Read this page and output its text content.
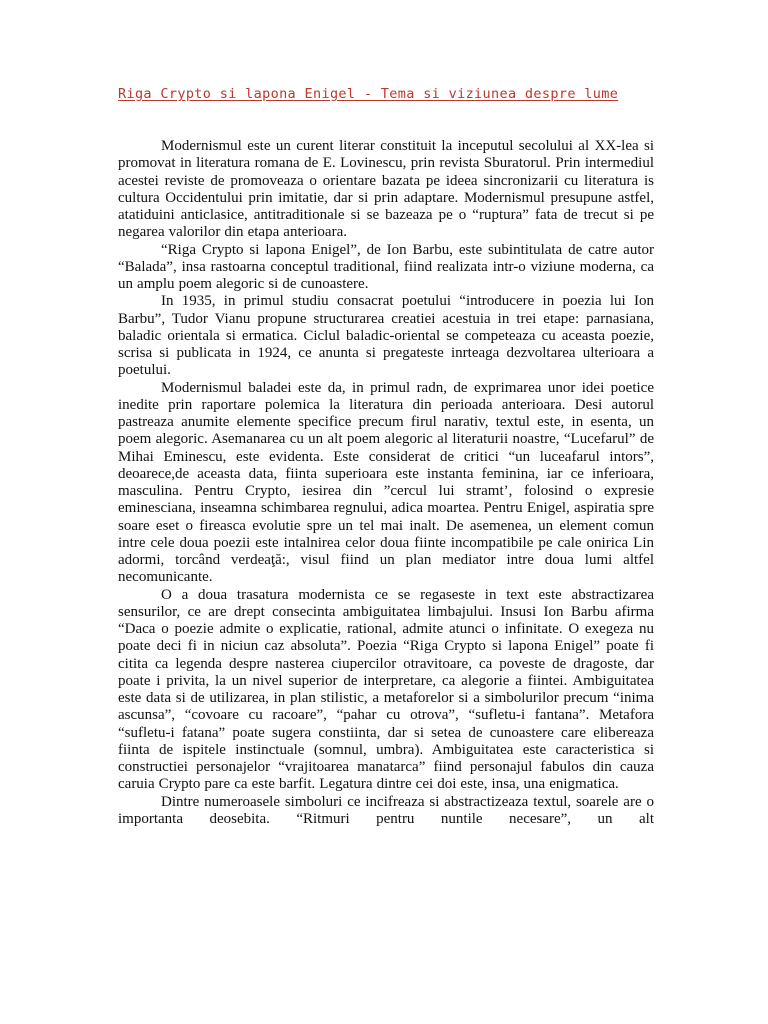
Riga Crypto si lapona Enigel - Tema si viziunea despre lume

Modernismul este un curent literar constituit la inceputul secolului al XX-lea si promovat in literatura romana de E. Lovinescu, prin revista Sburatorul. Prin intermediul acestei reviste de promoveaza o orientare bazata pe ideea sincronizarii cu literatura is cultura Occidentului prin imitatie, dar si prin adaptare. Modernismul presupune astfel, atatiduini anticlasice, antitraditionale si se bazeaza pe o “ruptura” fata de trecut si pe negarea valorilor din etapa anterioara.

“Riga Crypto si lapona Enigel”, de Ion Barbu, este subintitulata de catre autor “Balada”, insa rastoarna conceptul traditional, fiind realizata intr-o viziune moderna, ca un amplu poem alegoric si de cunoastere.

In 1935, in primul studiu consacrat poetului “introducere in poezia lui Ion Barbu”, Tudor Vianu propune structurarea creatiei acestuia in trei etape: parnasiana, baladic orientala si ermatica. Ciclul baladic-oriental se competeaza cu aceasta poezie, scrisa si publicata in 1924, ce anunta si pregateste inrteaga dezvoltarea ulterioara a poetului.

Modernismul baladei este da, in primul radn, de exprimarea unor idei poetice inedite prin raportare polemica la literatura din perioada anterioara. Desi autorul pastreaza anumite elemente specifice precum firul narativ, textul este, in esenta, un poem alegoric. Asemanarea cu un alt poem alegoric al literaturii noastre, “Lucefarul” de Mihai Eminescu, este evidenta. Este considerat de critici “un luceafarul intors”, deoarece,de aceasta data, fiinta superioara este instanta feminina, iar ce inferioara, masculina. Pentru Crypto, iesirea din ”cercul lui stramt’, folosind o expresie eminesciana, inseamna schimbarea regnului, adica moartea. Pentru Enigel, aspiratia spre soare eset o fireasca evolutie spre un tel mai inalt. De asemenea, un element comun intre cele doua poezii este intalnirea celor doua fiinte incompatibile pe cale onirica Lin adormi, torcând verdeaţă:, visul fiind un plan mediator intre doua lumi altfel necomunicante.

O a doua trasatura modernista ce se regaseste in text este abstractizarea sensurilor, ce are drept consecinta ambiguitatea limbajului. Insusi Ion Barbu afirma “Daca o poezie admite o explicatie, rational, admite atunci o infinitate. O exegeza nu poate deci fi in niciun caz absoluta”. Poezia “Riga Crypto si lapona Enigel” poate fi citita ca legenda despre nasterea ciupercilor otravitoare, ca poveste de dragoste, dar poate i privita, la un nivel superior de interpretare, ca alegorie a fiintei. Ambiguitatea este data si de utilizarea, in plan stilistic, a metaforelor si a simbolurilor precum “inima ascunsa”, “covoare cu racoare”, “pahar cu otrova”, “sufletu-i fantana”. Metafora “sufletu-i fatana” poate sugera constiinta, dar si setea de cunoastere care elibereaza fiinta de ispitele instinctuale (somnul, umbra). Ambiguitatea este caracteristica si constructiei personajelor “vrajitoarea manatarca” fiind personajul fabulos din cauza caruia Crypto pare ca este barfit. Legatura dintre cei doi este, insa, una enigmatica.

Dintre numeroasele simboluri ce incifreaza si abstractizeaza textul, soarele are o importanta deosebita. “Ritmuri pentru nuntile necesare”, un alt
